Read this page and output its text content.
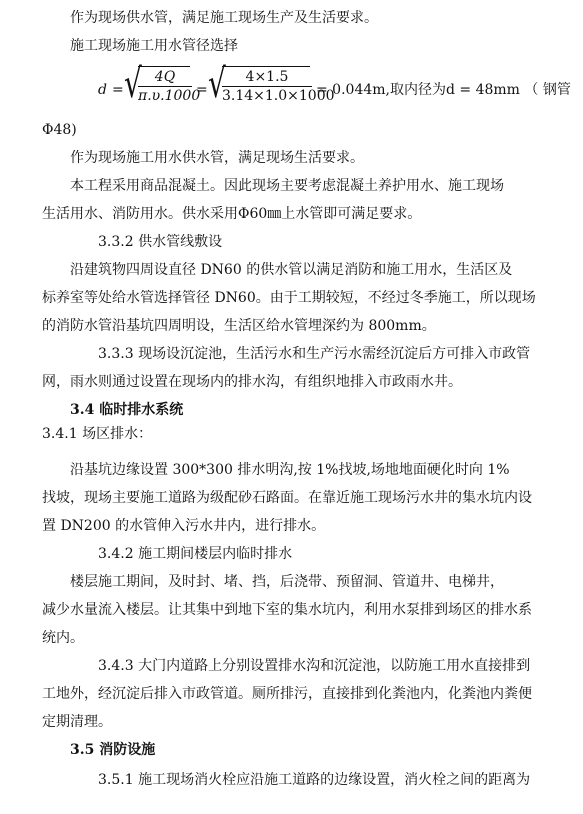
作为现场供水管，满足施工现场生产及生活要求。
施工现场施工用水管径选择
d = √
$\frac{4Q}{\pi.\upsilon.1000}$ = √
$\frac{4\times 1.5}{3.14\times 1.0\times 1000} = 0.044m$, 取内径为d = 48mm （ 钢管
Φ48)
作为现场施工用水供水管，满足现场生活要求。
本工程采用商品混凝土。因此现场主要考虑混凝土养护用水、施工现场
生活用水、消防用水。供水采用Φ60㎜上水管即可满足要求。
3.3.2 供水管线敷设
沿建筑物四周设直径 DN60 的供水管以满足消防和施工用水，生活区及
标养室等处给水管选择管径 DN60。由于工期较短，不经过冬季施工，所以现场
的消防水管沿基坑四周明设，生活区给水管埋深约为 800mm。
3.3.3 现场设沉淀池，生活污水和生产污水需经沉淀后方可排入市政管
网，雨水则通过设置在现场内的排水沟，有组织地排入市政雨水井。
3.4 临时排水系统
3.4.1 场区排水：
沿基坑边缘设置 300*300 排水明沟,按 1%找坡,场地地面硬化时向 1%
找坡，现场主要施工道路为级配砂石路面。在靠近施工现场污水井的集水坑内设
置 DN200 的水管伸入污水井内，进行排水。
3.4.2 施工期间楼层内临时排水
楼层施工期间，及时封、堵、挡，后浇带、预留洞、管道井、电梯井，
减少水量流入楼层。让其集中到地下室的集水坑内，利用水泵排到场区的排水系
统内。
3.4.3 大门内道路上分别设置排水沟和沉淀池，以防施工用水直接排到
工地外，经沉淀后排入市政管道。厕所排污，直接排到化粪池内，化粪池内粪便
定期清理。
3.5 消防设施
3.5.1 施工现场消火栓应沿施工道路的边缘设置，消火栓之间的距离为
